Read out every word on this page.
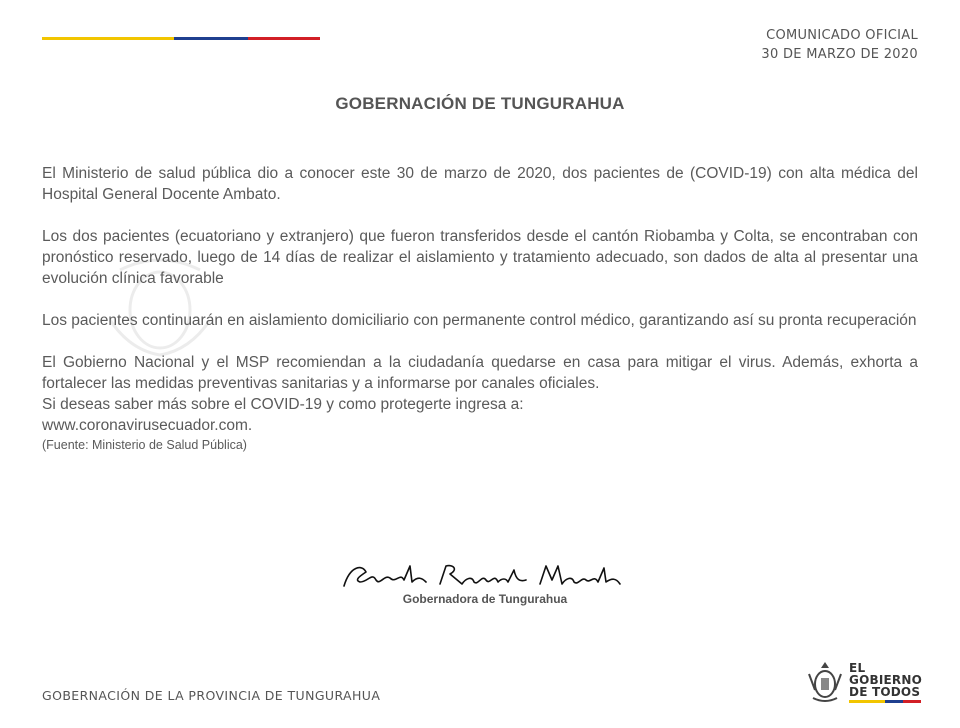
COMUNICADO OFICIAL
30 DE MARZO DE 2020
GOBERNACIÓN DE TUNGURAHUA

El Ministerio de salud pública dio a conocer este 30 de marzo de 2020, dos pacientes de (COVID-19) con alta médica del Hospital General Docente Ambato.

Los dos pacientes (ecuatoriano y extranjero) que fueron transferidos desde el cantón Riobamba y Colta, se encontraban con pronóstico reservado, luego de 14 días de realizar el aislamiento y tratamiento adecuado, son dados de alta al presentar una evolución clínica favorable

Los pacientes continuarán en aislamiento domiciliario con permanente control médico, garantizando así su pronta recuperación

El Gobierno Nacional y el MSP recomiendan a la ciudadanía quedarse en casa para mitigar el virus. Además, exhorta a fortalecer las medidas preventivas sanitarias y a informarse por canales oficiales.

Si deseas saber más sobre el COVID-19 y como protegerte ingresa a:

www.coronavirusecuador.com.

(Fuente: Ministerio de Salud Pública)

Gobernadora de Tungurahua
GOBERNACIÓN DE LA PROVINCIA DE TUNGURAHUA
EL
GOBIERNO
DE TODOS
